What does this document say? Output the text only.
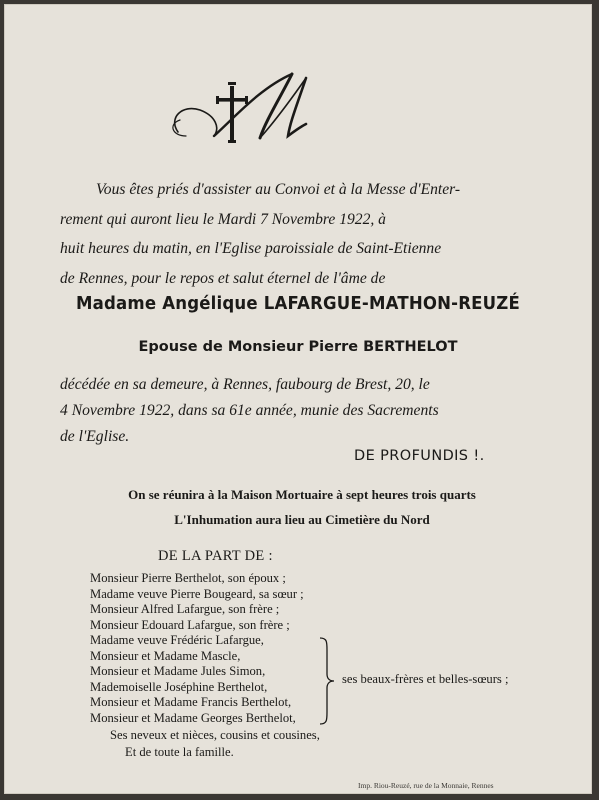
Vous êtes priés d'assister au Convoi et à la Messe d'Enter-
rement qui auront lieu le Mardi 7 Novembre 1922, à
huit heures du matin, en l'Eglise paroissiale de Saint-Etienne
de Rennes, pour le repos et salut éternel de l'âme de
Madame Angélique LAFARGUE-MATHON-REUZÉ
Epouse de Monsieur Pierre BERTHELOT
décédée en sa demeure, à Rennes, faubourg de Brest, 20, le
4 Novembre 1922, dans sa 61e année, munie des Sacrements
de l'Eglise.
DE PROFUNDIS !.
On se réunira à la Maison Mortuaire à sept heures trois quarts
L'Inhumation aura lieu au Cimetière du Nord
DE LA PART DE :
Monsieur Pierre Berthelot, son époux ;
Madame veuve Pierre Bougeard, sa sœur ;
Monsieur Alfred Lafargue, son frère ;
Monsieur Edouard Lafargue, son frère ;
Madame veuve Frédéric Lafargue,
Monsieur et Madame Mascle,
Monsieur et Madame Jules Simon,
Mademoiselle Joséphine Berthelot,
Monsieur et Madame Francis Berthelot,
Monsieur et Madame Georges Berthelot,
ses beaux-frères et belles-sœurs ;
Ses neveux et nièces, cousins et cousines,
Et de toute la famille.
Imp. Riou-Reuzé, rue de la Monnaie, Rennes
